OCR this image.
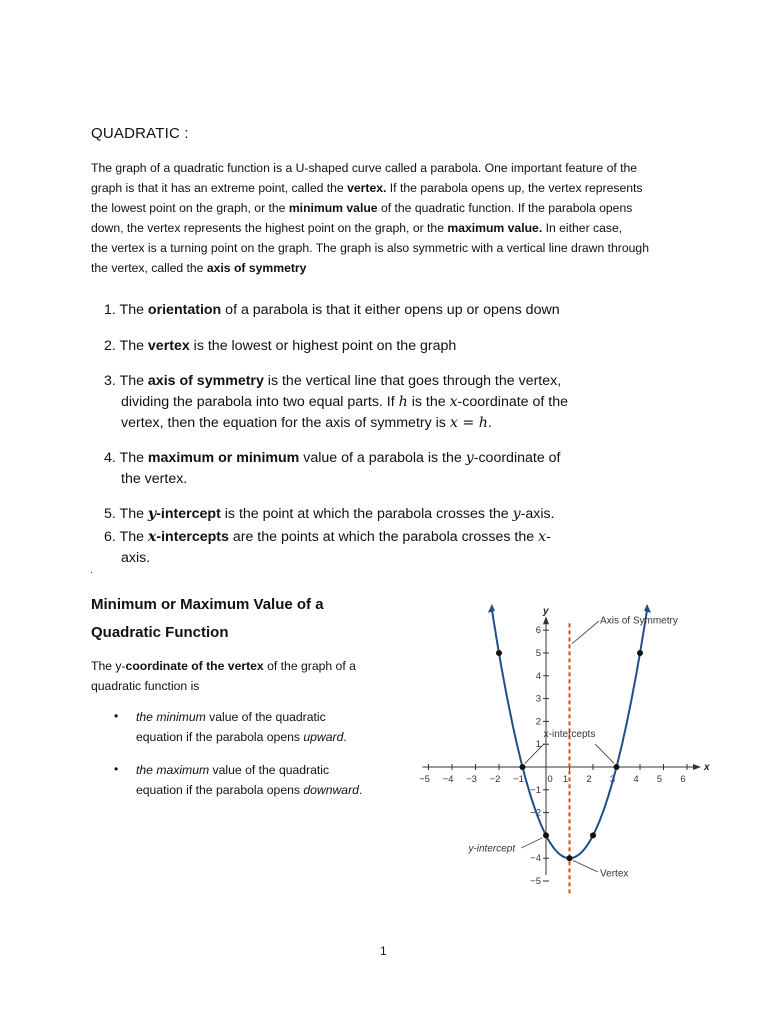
QUADRATIC :
The graph of a quadratic function is a U-shaped curve called a parabola. One important feature of the
graph is that it has an extreme point, called the vertex. If the parabola opens up, the vertex represents
the lowest point on the graph, or the minimum value of the quadratic function. If the parabola opens
down, the vertex represents the highest point on the graph, or the maximum value. In either case,
the vertex is a turning point on the graph. The graph is also symmetric with a vertical line drawn through
the vertex, called the axis of symmetry
1. The orientation of a parabola is that it either opens up or opens down
2. The vertex is the lowest or highest point on the graph
3. The axis of symmetry is the vertical line that goes through the vertex,
dividing the parabola into two equal parts. If h is the x-coordinate of the
vertex, then the equation for the axis of symmetry is x = h.
4. The maximum or minimum value of a parabola is the y-coordinate of
the vertex.
5. The y-intercept is the point at which the parabola crosses the y-axis.
6. The x-intercepts are the points at which the parabola crosses the x-
axis.
.
Minimum or Maximum Value of a
Quadratic Function
The y-coordinate of the vertex of the graph of a
quadratic function is
• the minimum value of the quadratic
equation if the parabola opens upward.
• the maximum value of the quadratic
equation if the parabola opens downward.
x
y
−5 −4 −3 −2 −1 0 1 2 3 4 5 6
6
5
4
3
2
1
−1
−2
−4
−5
Axis of Symmetry
x-intercepts
y-intercept
Vertex
1
